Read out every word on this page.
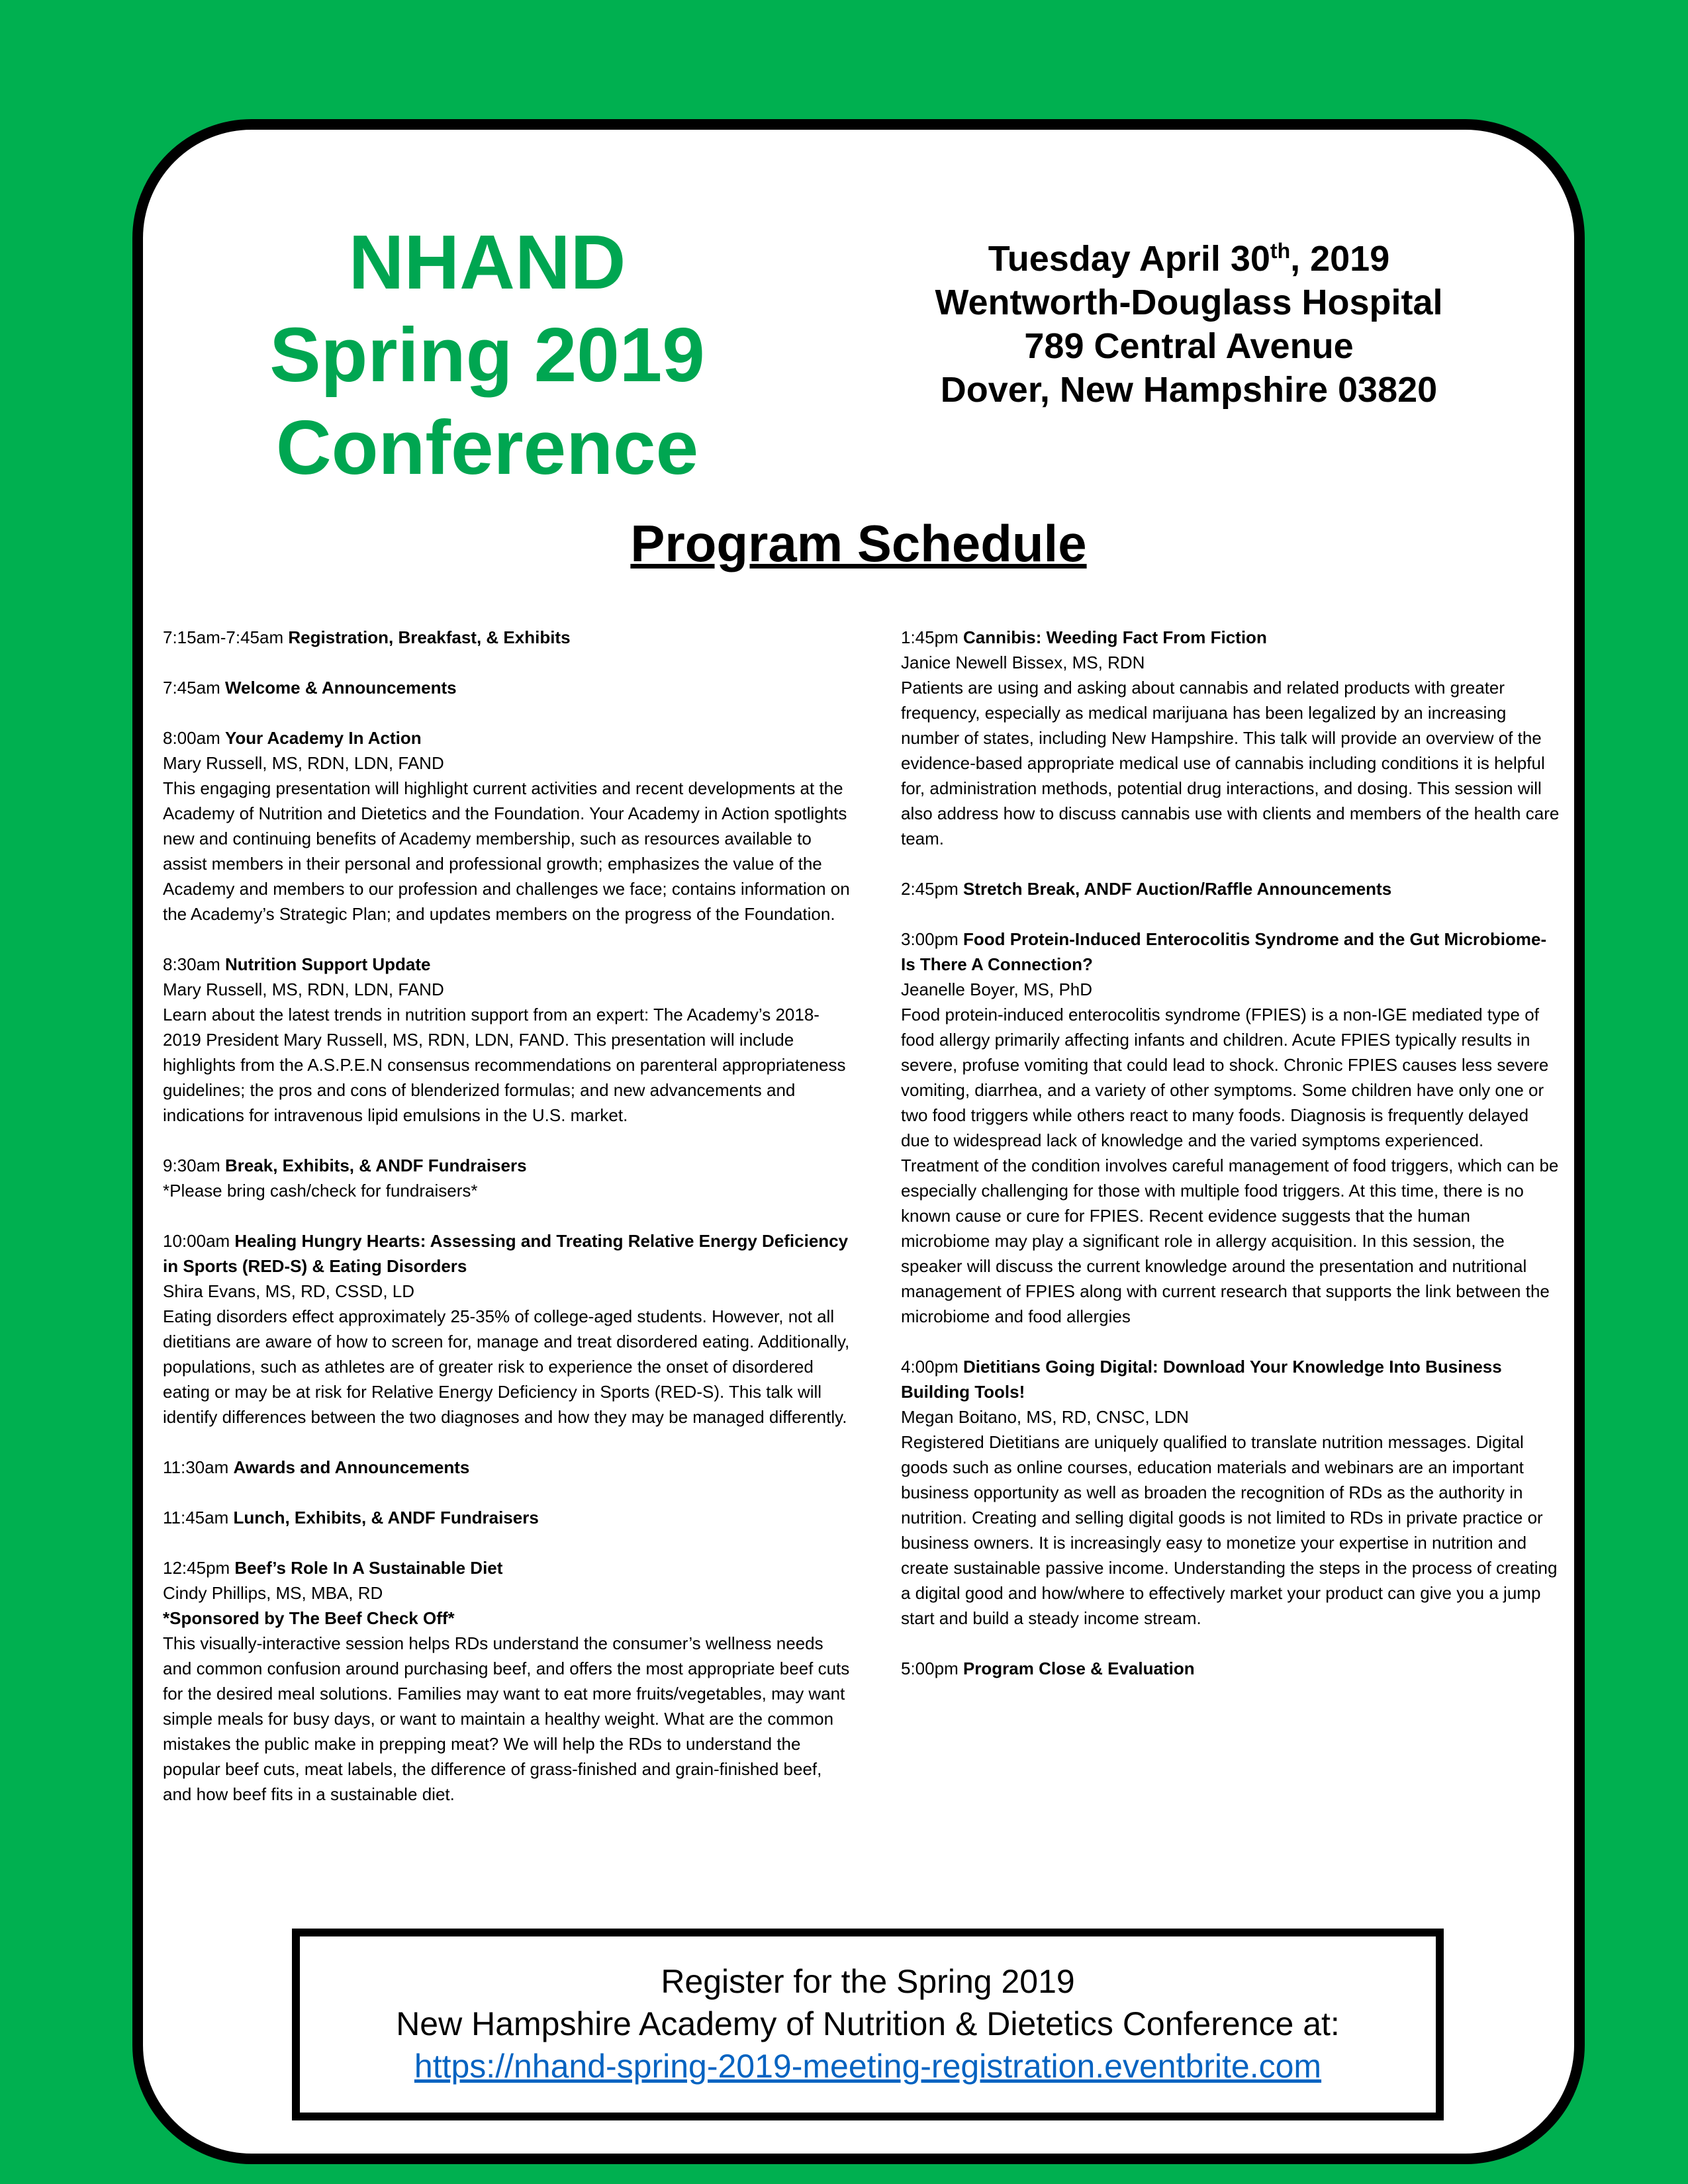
NHAND
Spring 2019
Conference
Tuesday April 30th, 2019
Wentworth-Douglass Hospital
789 Central Avenue
Dover, New Hampshire 03820
Program Schedule

7:15am-7:45am Registration, Breakfast, & Exhibits

7:45am Welcome & Announcements

8:00am Your Academy In Action

Mary Russell, MS, RDN, LDN, FAND

This engaging presentation will highlight current activities and recent developments at the Academy of Nutrition and Dietetics and the Foundation. Your Academy in Action spotlights new and continuing benefits of Academy membership, such as resources available to assist members in their personal and professional growth; emphasizes the value of the Academy and members to our profession and challenges we face; contains information on the Academy’s Strategic Plan; and updates members on the progress of the Foundation.

8:30am Nutrition Support Update

Mary Russell, MS, RDN, LDN, FAND

Learn about the latest trends in nutrition support from an expert: The Academy’s 2018-2019 President Mary Russell, MS, RDN, LDN, FAND. This presentation will include highlights from the A.S.P.E.N consensus recommendations on parenteral appropriateness guidelines; the pros and cons of blenderized formulas; and new advancements and indications for intravenous lipid emulsions in the U.S. market.

9:30am Break, Exhibits, & ANDF Fundraisers

*Please bring cash/check for fundraisers*

10:00am Healing Hungry Hearts: Assessing and Treating Relative Energy Deficiency in Sports (RED-S) & Eating Disorders

Shira Evans, MS, RD, CSSD, LD

Eating disorders effect approximately 25-35% of college-aged students. However, not all dietitians are aware of how to screen for, manage and treat disordered eating. Additionally, populations, such as athletes are of greater risk to experience the onset of disordered eating or may be at risk for Relative Energy Deficiency in Sports (RED-S). This talk will identify differences between the two diagnoses and how they may be managed differently.

11:30am Awards and Announcements

11:45am Lunch, Exhibits, & ANDF Fundraisers

12:45pm Beef’s Role In A Sustainable Diet

Cindy Phillips, MS, MBA, RD

*Sponsored by The Beef Check Off*

This visually-interactive session helps RDs understand the consumer’s wellness needs and common confusion around purchasing beef, and offers the most appropriate beef cuts for the desired meal solutions. Families may want to eat more fruits/vegetables, may want simple meals for busy days, or want to maintain a healthy weight. What are the common mistakes the public make in prepping meat? We will help the RDs to understand the popular beef cuts, meat labels, the difference of grass-finished and grain-finished beef, and how beef fits in a sustainable diet.

1:45pm Cannibis: Weeding Fact From Fiction

Janice Newell Bissex, MS, RDN

Patients are using and asking about cannabis and related products with greater frequency, especially as medical marijuana has been legalized by an increasing number of states, including New Hampshire. This talk will provide an overview of the evidence-based appropriate medical use of cannabis including conditions it is helpful for, administration methods, potential drug interactions, and dosing. This session will also address how to discuss cannabis use with clients and members of the health care team.

2:45pm Stretch Break, ANDF Auction/Raffle Announcements

3:00pm Food Protein-Induced Enterocolitis Syndrome and the Gut Microbiome- Is There A Connection?

Jeanelle Boyer, MS, PhD

Food protein-induced enterocolitis syndrome (FPIES) is a non-IGE mediated type of food allergy primarily affecting infants and children. Acute FPIES typically results in severe, profuse vomiting that could lead to shock. Chronic FPIES causes less severe vomiting, diarrhea, and a variety of other symptoms. Some children have only one or two food triggers while others react to many foods. Diagnosis is frequently delayed due to widespread lack of knowledge and the varied symptoms experienced. Treatment of the condition involves careful management of food triggers, which can be especially challenging for those with multiple food triggers. At this time, there is no known cause or cure for FPIES. Recent evidence suggests that the human microbiome may play a significant role in allergy acquisition. In this session, the speaker will discuss the current knowledge around the presentation and nutritional management of FPIES along with current research that supports the link between the microbiome and food allergies

4:00pm Dietitians Going Digital: Download Your Knowledge Into Business Building Tools!

Megan Boitano, MS, RD, CNSC, LDN

Registered Dietitians are uniquely qualified to translate nutrition messages. Digital goods such as online courses, education materials and webinars are an important business opportunity as well as broaden the recognition of RDs as the authority in nutrition. Creating and selling digital goods is not limited to RDs in private practice or business owners. It is increasingly easy to monetize your expertise in nutrition and create sustainable passive income. Understanding the steps in the process of creating a digital good and how/where to effectively market your product can give you a jump start and build a steady income stream.

5:00pm Program Close & Evaluation

Register for the Spring 2019
New Hampshire Academy of Nutrition & Dietetics Conference at:
https://nhand-spring-2019-meeting-registration.eventbrite.com
